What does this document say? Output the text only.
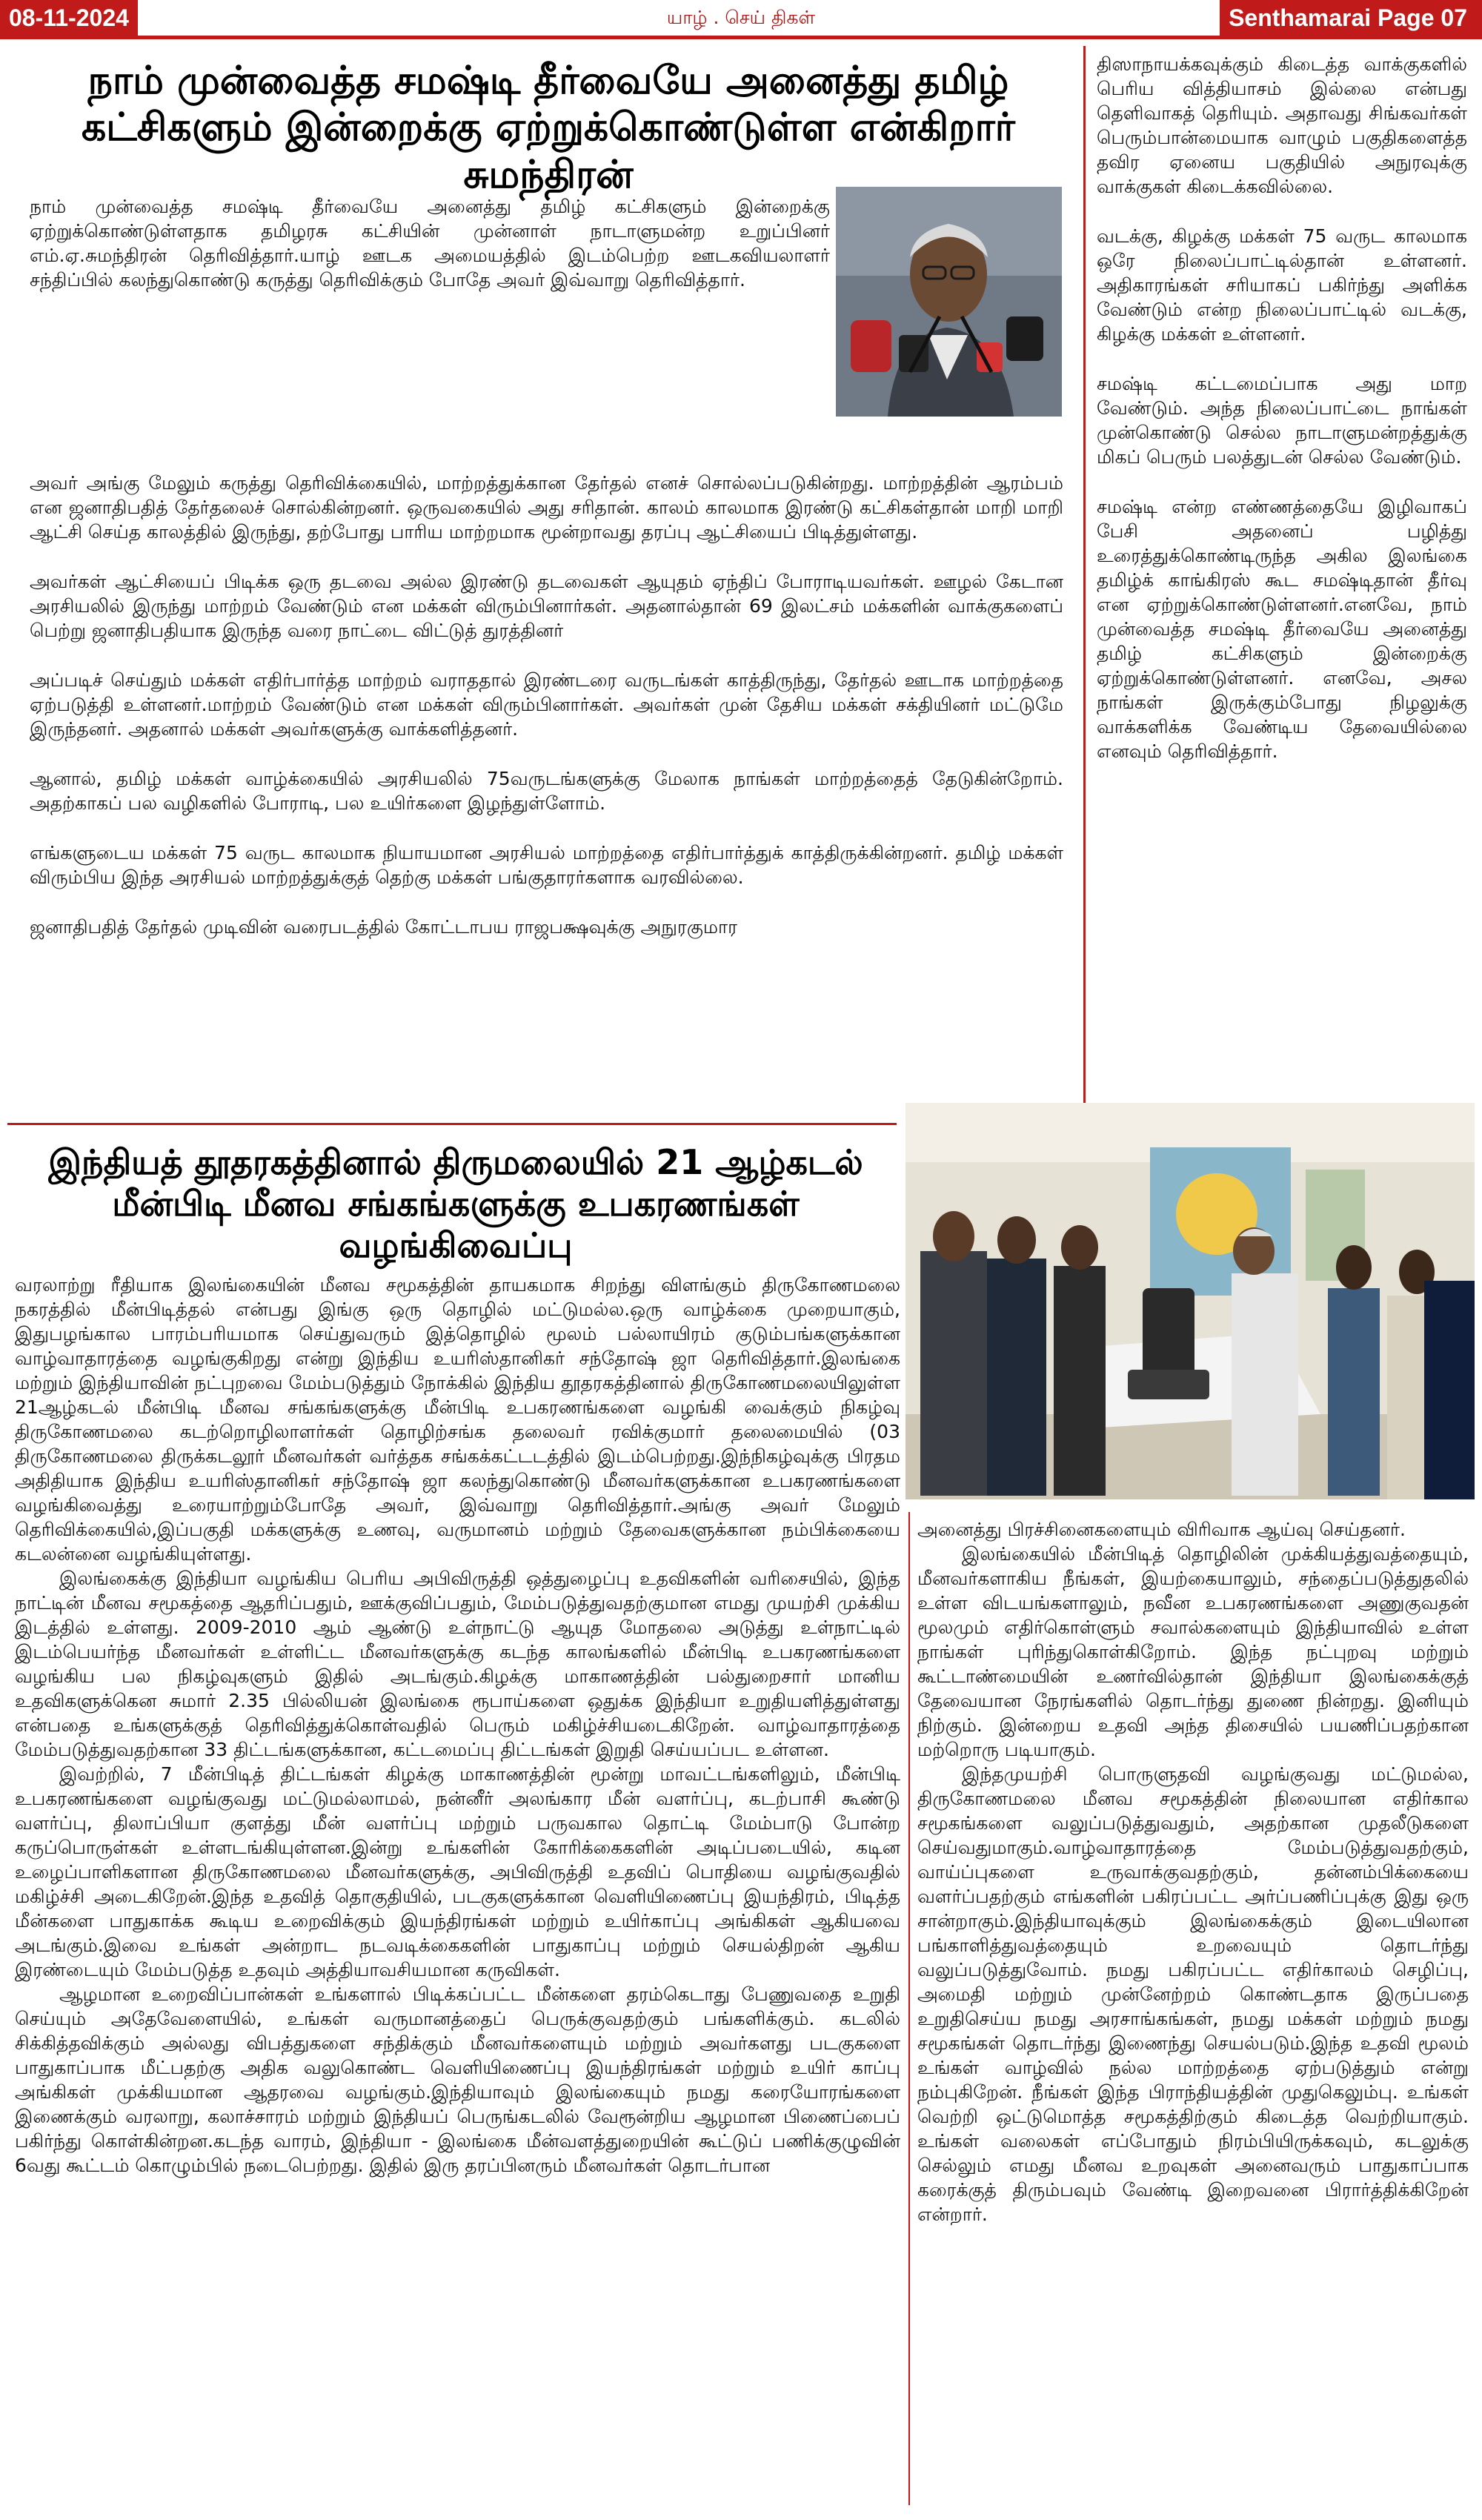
யாழ் . செய் திகள்
08-11-2024	Senthamarai Page 07
நாம் முன்வைத்த சமஷ்டி தீர்வையே அனைத்து தமிழ் கட்சிகளும் இன்றைக்கு ஏற்றுக்கொண்டுள்ள என்கிறார் சுமந்திரன்

நாம் முன்வைத்த சமஷ்டி தீர்வையே அனைத்து தமிழ் கட்சிகளும் இன்றைக்கு ஏற்றுக்கொண்டுள்ளதாக தமிழரசு கட்சியின் முன்னாள் நாடாளுமன்ற உறுப்பினர் எம்.ஏ.சுமந்திரன் தெரிவித்தார்.யாழ் ஊடக அமையத்தில் இடம்பெற்ற ஊடகவியலாளர் சந்திப்பில் கலந்துகொண்டு கருத்து தெரிவிக்கும் போதே அவர் இவ்வாறு தெரிவித்தார்.

அவர் அங்கு மேலும் கருத்து தெரிவிக்கையில், மாற்றத்துக்கான தேர்தல் எனச் சொல்லப்படுகின்றது. மாற்றத்தின் ஆரம்பம் என ஜனாதிபதித் தேர்தலைச் சொல்கின்றனர். ஒருவகையில் அது சரிதான். காலம் காலமாக இரண்டு கட்சிகள்தான் மாறி மாறி ஆட்சி செய்த காலத்தில் இருந்து, தற்போது பாரிய மாற்றமாக மூன்றாவது தரப்பு ஆட்சியைப் பிடித்துள்ளது.

அவர்கள் ஆட்சியைப் பிடிக்க ஒரு தடவை அல்ல இரண்டு தடவைகள் ஆயுதம் ஏந்திப் போராடியவர்கள். ஊழல் கேடான அரசியலில் இருந்து மாற்றம் வேண்டும் என மக்கள் விரும்பினார்கள். அதனால்தான் 69 இலட்சம் மக்களின் வாக்குகளைப் பெற்று ஜனாதிபதியாக இருந்த வரை நாட்டை விட்டுத் துரத்தினர்

அப்படிச் செய்தும் மக்கள் எதிர்பார்த்த மாற்றம் வராததால் இரண்டரை வருடங்கள் காத்திருந்து, தேர்தல் ஊடாக மாற்றத்தை ஏற்படுத்தி உள்ளனர்.மாற்றம் வேண்டும் என மக்கள் விரும்பினார்கள். அவர்கள் முன் தேசிய மக்கள் சக்தியினர் மட்டுமே இருந்தனர். அதனால் மக்கள் அவர்களுக்கு வாக்களித்தனர்.

ஆனால், தமிழ் மக்கள் வாழ்க்கையில் அரசியலில் 75வருடங்களுக்கு மேலாக நாங்கள் மாற்றத்தைத் தேடுகின்றோம். அதற்காகப் பல வழிகளில் போராடி, பல உயிர்களை இழந்துள்ளோம்.

எங்களுடைய மக்கள் 75 வருட காலமாக நியாயமான அரசியல் மாற்றத்தை எதிர்பார்த்துக் காத்திருக்கின்றனர். தமிழ் மக்கள் விரும்பிய இந்த அரசியல் மாற்றத்துக்குத் தெற்கு மக்கள் பங்குதாரர்களாக வரவில்லை.

ஜனாதிபதித் தேர்தல் முடிவின் வரைபடத்தில் கோட்டாபய ராஜபக்ஷவுக்கு அநுரகுமார

திஸாநாயக்கவுக்கும் கிடைத்த வாக்குகளில் பெரிய வித்தியாசம் இல்லை என்பது தெளிவாகத் தெரியும். அதாவது சிங்கவர்கள் பெரும்பான்மையாக வாழும் பகுதிகளைத்த தவிர ஏனைய பகுதியில் அநுரவுக்கு வாக்குகள் கிடைக்கவில்லை.

வடக்கு, கிழக்கு மக்கள் 75 வருட காலமாக ஒரே நிலைப்பாட்டில்தான் உள்ளனர். அதிகாரங்கள் சரியாகப் பகிர்ந்து அளிக்க வேண்டும் என்ற நிலைப்பாட்டில் வடக்கு, கிழக்கு மக்கள் உள்ளனர்.

சமஷ்டி கட்டமைப்பாக அது மாற வேண்டும். அந்த நிலைப்பாட்டை நாங்கள் முன்கொண்டு செல்ல நாடாளுமன்றத்துக்கு மிகப் பெரும் பலத்துடன் செல்ல வேண்டும்.

சமஷ்டி என்ற எண்ணத்தையே இழிவாகப் பேசி அதனைப் பழித்து உரைத்துக்கொண்டிருந்த அகில இலங்கை தமிழ்க் காங்கிரஸ் கூட சமஷ்டிதான் தீர்வு என ஏற்றுக்கொண்டுள்ளனர்.எனவே, நாம் முன்வைத்த சமஷ்டி தீர்வையே அனைத்து தமிழ் கட்சிகளும் இன்றைக்கு ஏற்றுக்கொண்டுள்ளனர். எனவே, அசல நாங்கள் இருக்கும்போது நிழலுக்கு வாக்களிக்க வேண்டிய தேவையில்லை எனவும் தெரிவித்தார்.

இந்தியத் தூதரகத்தினால் திருமலையில் 21 ஆழ்கடல் மீன்பிடி மீனவ சங்கங்களுக்கு உபகரணங்கள் வழங்கிவைப்பு

வரலாற்று ரீதியாக இலங்கையின் மீனவ சமூகத்தின் தாயகமாக சிறந்து விளங்கும் திருகோணமலை நகரத்தில் மீன்பிடித்தல் என்பது இங்கு ஒரு தொழில் மட்டுமல்ல.ஒரு வாழ்க்கை முறையாகும், இதுபழங்கால பாரம்பரியமாக செய்துவரும் இத்தொழில் மூலம் பல்லாயிரம் குடும்பங்களுக்கான வாழ்வாதாரத்தை வழங்குகிறது என்று இந்திய உயரிஸ்தானிகர் சந்தோஷ் ஜா தெரிவித்தார்.இலங்கை மற்றும் இந்தியாவின் நட்புறவை மேம்படுத்தும் நோக்கில் இந்திய தூதரகத்தினால் திருகோணமலையிலுள்ள 21ஆழ்கடல் மீன்பிடி மீனவ சங்கங்களுக்கு மீன்பிடி உபகரணங்களை வழங்கி வைக்கும் நிகழ்வு திருகோணமலை கடற்றொழிலாளர்கள் தொழிற்சங்க தலைவர் ரவிக்குமார் தலைமையில் (03 திருகோணமலை திருக்கடலூர் மீனவர்கள் வர்த்தக சங்கக்கட்டடத்தில் இடம்பெற்றது.இந்நிகழ்வுக்கு பிரதம அதிதியாக இந்திய உயரிஸ்தானிகர் சந்தோஷ் ஜா கலந்துகொண்டு மீனவர்களுக்கான உபகரணங்களை வழங்கிவைத்து உரையாற்றும்போதே அவர், இவ்வாறு தெரிவித்தார்.அங்கு அவர் மேலும் தெரிவிக்கையில்,இப்பகுதி மக்களுக்கு உணவு, வருமானம் மற்றும் தேவைகளுக்கான நம்பிக்கையை கடலன்னை வழங்கியுள்ளது.

இலங்கைக்கு இந்தியா வழங்கிய பெரிய அபிவிருத்தி ஒத்துழைப்பு உதவிகளின் வரிசையில், இந்த நாட்டின் மீனவ சமூகத்தை ஆதரிப்பதும், ஊக்குவிப்பதும், மேம்படுத்துவதற்குமான எமது முயற்சி முக்கிய இடத்தில் உள்ளது. 2009-2010 ஆம் ஆண்டு உள்நாட்டு ஆயுத மோதலை அடுத்து உள்நாட்டில் இடம்பெயர்ந்த மீனவர்கள் உள்ளிட்ட மீனவர்களுக்கு கடந்த காலங்களில் மீன்பிடி உபகரணங்களை வழங்கிய பல நிகழ்வுகளும் இதில் அடங்கும்.கிழக்கு மாகாணத்தின் பல்துறைசார் மானிய உதவிகளுக்கென சுமார் 2.35 பில்லியன் இலங்கை ரூபாய்களை ஒதுக்க இந்தியா உறுதியளித்துள்ளது என்பதை உங்களுக்குத் தெரிவித்துக்கொள்வதில் பெரும் மகிழ்ச்சியடைகிறேன். வாழ்வாதாரத்தை மேம்படுத்துவதற்கான 33 திட்டங்களுக்கான, கட்டமைப்பு திட்டங்கள் இறுதி செய்யப்பட உள்ளன.

இவற்றில், 7 மீன்பிடித் திட்டங்கள் கிழக்கு மாகாணத்தின் மூன்று மாவட்டங்களிலும், மீன்பிடி உபகரணங்களை வழங்குவது மட்டுமல்லாமல், நன்னீர் அலங்கார மீன் வளர்ப்பு, கடற்பாசி கூண்டு வளர்ப்பு, திலாப்பியா குளத்து மீன் வளர்ப்பு மற்றும் பருவகால தொட்டி மேம்பாடு போன்ற கருப்பொருள்கள் உள்ளடங்கியுள்ளன.இன்று உங்களின் கோரிக்கைகளின் அடிப்படையில், கடின உழைப்பாளிகளான திருகோணமலை மீனவர்களுக்கு, அபிவிருத்தி உதவிப் பொதியை வழங்குவதில் மகிழ்ச்சி அடைகிறேன்.இந்த உதவித் தொகுதியில், படகுகளுக்கான வெளியிணைப்பு இயந்திரம், பிடித்த மீன்களை பாதுகாக்க கூடிய உறைவிக்கும் இயந்திரங்கள் மற்றும் உயிர்காப்பு அங்கிகள் ஆகியவை அடங்கும்.இவை உங்கள் அன்றாட நடவடிக்கைகளின் பாதுகாப்பு மற்றும் செயல்திறன் ஆகிய இரண்டையும் மேம்படுத்த உதவும் அத்தியாவசியமான கருவிகள்.

ஆழமான உறைவிப்பான்கள் உங்களால் பிடிக்கப்பட்ட மீன்களை தரம்கெடாது பேணுவதை உறுதி செய்யும் அதேவேளையில், உங்கள் வருமானத்தைப் பெருக்குவதற்கும் பங்களிக்கும். கடலில் சிக்கித்தவிக்கும் அல்லது விபத்துகளை சந்திக்கும் மீனவர்களையும் மற்றும் அவர்களது படகுகளை பாதுகாப்பாக மீட்பதற்கு அதிக வலுகொண்ட வெளியிணைப்பு இயந்திரங்கள் மற்றும் உயிர் காப்பு அங்கிகள் முக்கியமான ஆதரவை வழங்கும்.இந்தியாவும் இலங்கையும் நமது கரையோரங்களை இணைக்கும் வரலாறு, கலாச்சாரம் மற்றும் இந்தியப் பெருங்கடலில் வேரூன்றிய ஆழமான பிணைப்பைப் பகிர்ந்து கொள்கின்றன.கடந்த வாரம், இந்தியா - இலங்கை மீன்வளத்துறையின் கூட்டுப் பணிக்குழுவின் 6வது கூட்டம் கொழும்பில் நடைபெற்றது. இதில் இரு தரப்பினரும் மீனவர்கள் தொடர்பான

அனைத்து பிரச்சினைகளையும் விரிவாக ஆய்வு செய்தனர்.

இலங்கையில் மீன்பிடித் தொழிலின் முக்கியத்துவத்தையும், மீனவர்களாகிய நீங்கள், இயற்கையாலும், சந்தைப்படுத்துதலில் உள்ள விடயங்களாலும், நவீன உபகரணங்களை அணுகுவதன் மூலமும் எதிர்கொள்ளும் சவால்களையும் இந்தியாவில் உள்ள நாங்கள் புரிந்துகொள்கிறோம். இந்த நட்புறவு மற்றும் கூட்டாண்மையின் உணர்வில்தான் இந்தியா இலங்கைக்குத் தேவையான நேரங்களில் தொடர்ந்து துணை நின்றது. இனியும் நிற்கும். இன்றைய உதவி அந்த திசையில் பயணிப்பதற்கான மற்றொரு படியாகும்.

இந்தமுயற்சி பொருளுதவி வழங்குவது மட்டுமல்ல, திருகோணமலை மீனவ சமூகத்தின் நிலையான எதிர்கால சமூகங்களை வலுப்படுத்துவதும், அதற்கான முதலீடுகளை செய்வதுமாகும்.வாழ்வாதாரத்தை மேம்படுத்துவதற்கும், வாய்ப்புகளை உருவாக்குவதற்கும், தன்னம்பிக்கையை வளர்ப்பதற்கும் எங்களின் பகிரப்பட்ட அர்ப்பணிப்புக்கு இது ஒரு சான்றாகும்.இந்தியாவுக்கும் இலங்கைக்கும் இடையிலான பங்காளித்துவத்தையும் உறவையும் தொடர்ந்து வலுப்படுத்துவோம். நமது பகிரப்பட்ட எதிர்காலம் செழிப்பு, அமைதி மற்றும் முன்னேற்றம் கொண்டதாக இருப்பதை உறுதிசெய்ய நமது அரசாங்கங்கள், நமது மக்கள் மற்றும் நமது சமூகங்கள் தொடர்ந்து இணைந்து செயல்படும்.இந்த உதவி மூலம் உங்கள் வாழ்வில் நல்ல மாற்றத்தை ஏற்படுத்தும் என்று நம்புகிறேன். நீங்கள் இந்த பிராந்தியத்தின் முதுகெலும்பு. உங்கள் வெற்றி ஒட்டுமொத்த சமூகத்திற்கும் கிடைத்த வெற்றியாகும். உங்கள் வலைகள் எப்போதும் நிரம்பியிருக்கவும், கடலுக்கு செல்லும் எமது மீனவ உறவுகள் அனைவரும் பாதுகாப்பாக கரைக்குத் திரும்பவும் வேண்டி இறைவனை பிரார்த்திக்கிறேன் என்றார்.
